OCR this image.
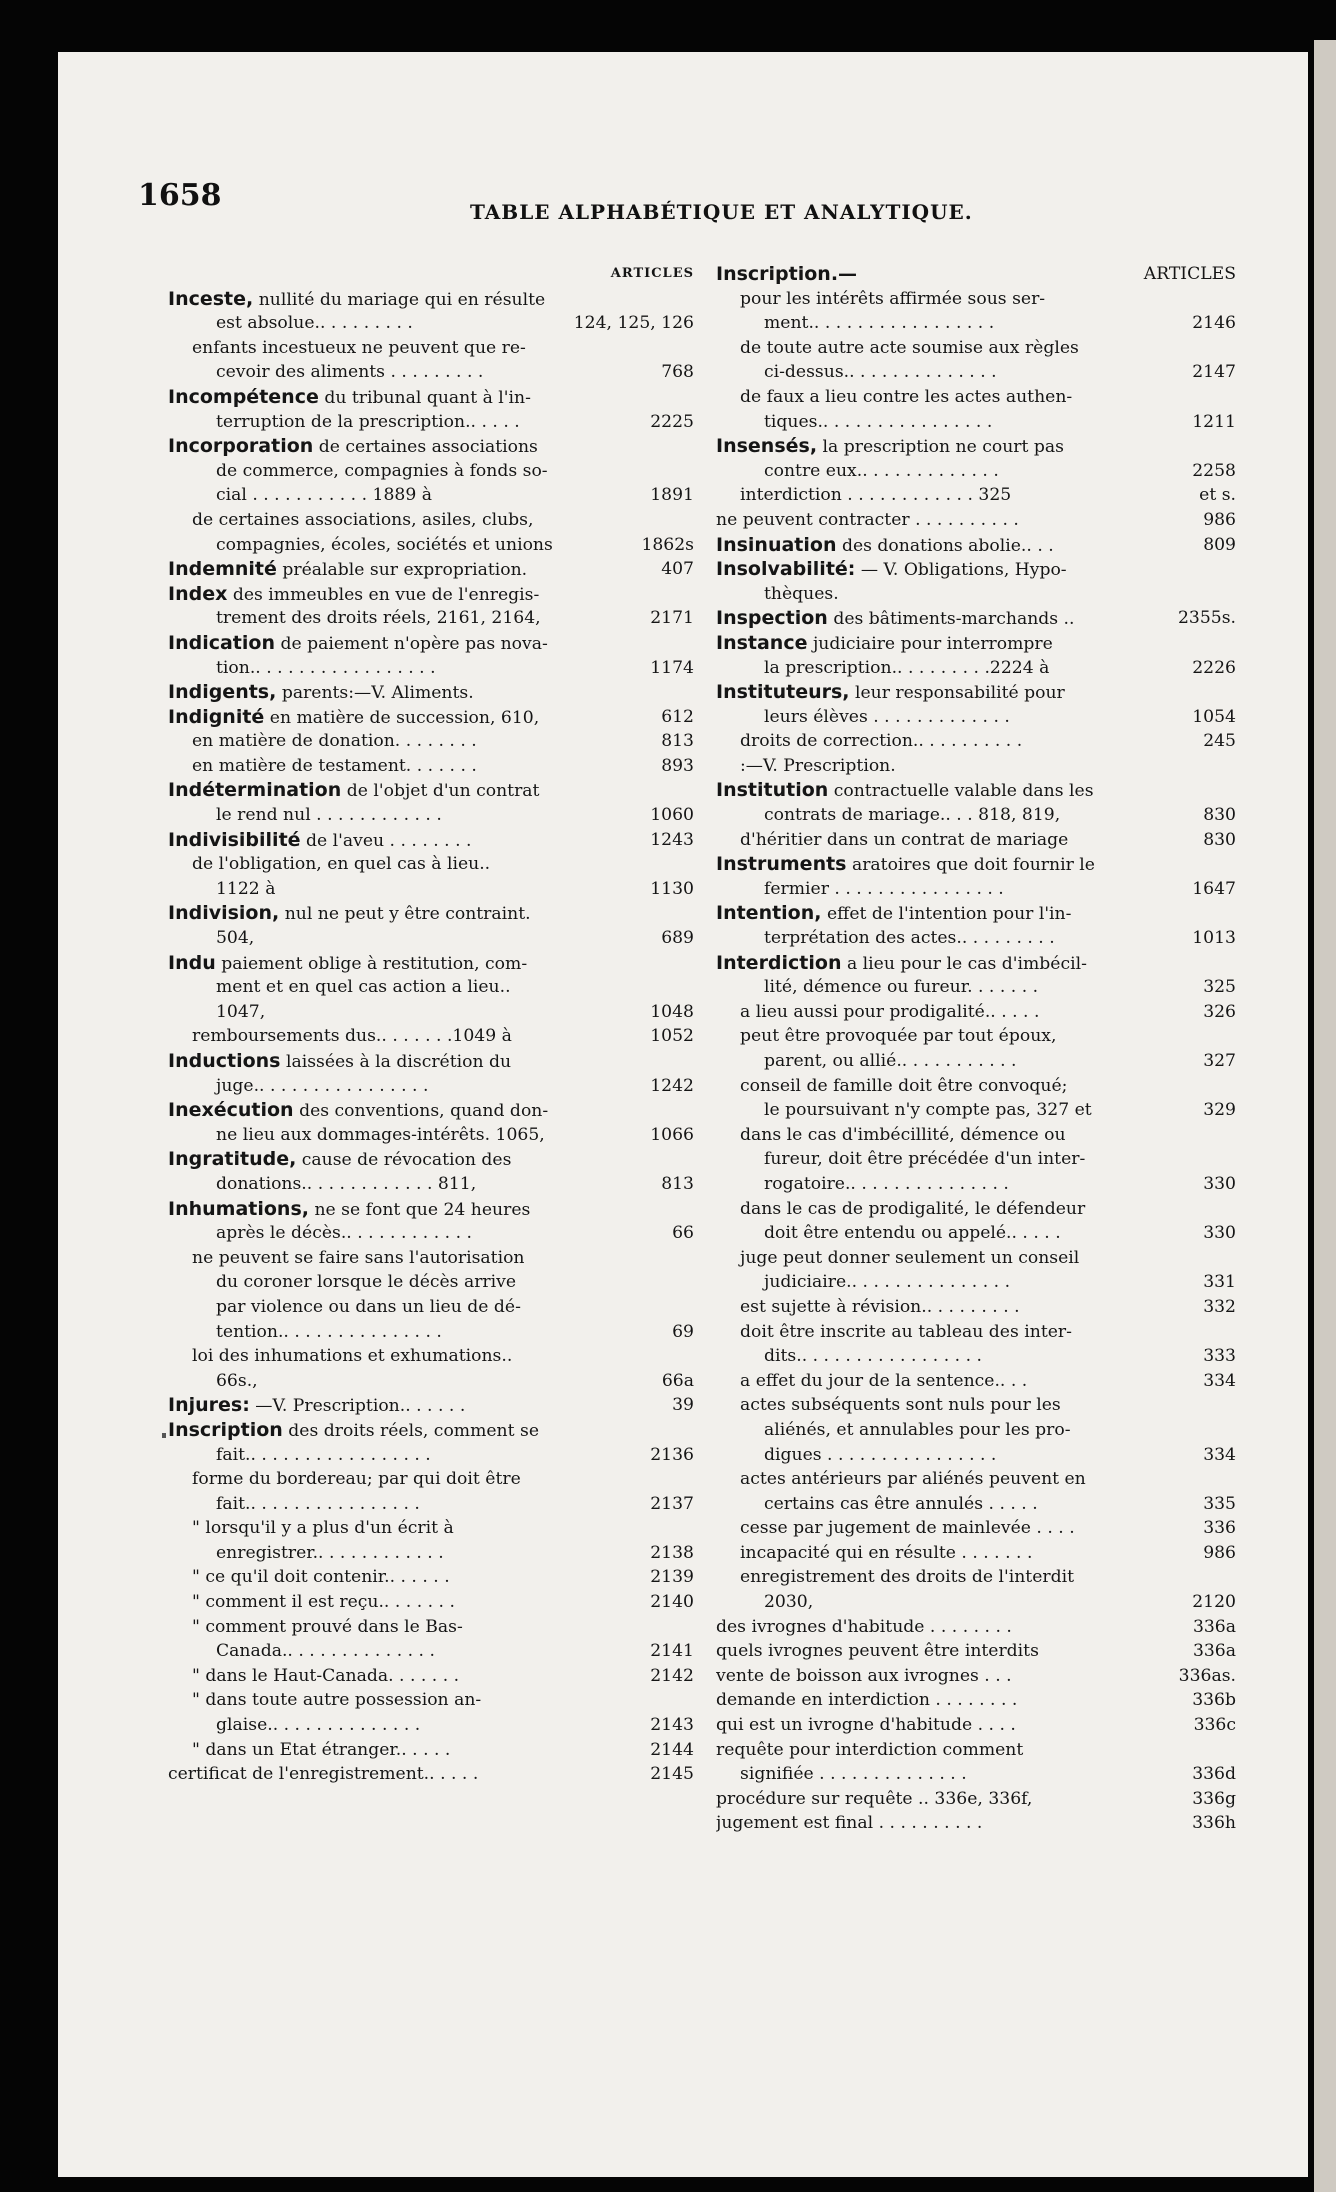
1658	TABLE ALPHABÉTIQUE ET ANALYTIQUE.
ARTICLES
Inceste, nullité du mariage qui en résulte
est absolue.. . . . . . . . .	124, 125, 126
enfants incestueux ne peuvent que re-
cevoir des aliments . . . . . . . . .	768
Incompétence du tribunal quant à l'in-
terruption de la prescription.. . . . .	2225
Incorporation de certaines associations
de commerce, compagnies à fonds so-
cial . . . . . . . . . . . 1889 à	1891
de certaines associations, asiles, clubs,
compagnies, écoles, sociétés et unions	1862s
Indemnité préalable sur expropriation.	407
Index des immeubles en vue de l'enregis-
trement des droits réels, 2161, 2164,	2171
Indication de paiement n'opère pas nova-
tion.. . . . . . . . . . . . . . . . .	1174
Indigents, parents:—V. Aliments.
Indignité en matière de succession, 610,	612
en matière de donation. . . . . . . .	813
en matière de testament. . . . . . .	893
Indétermination de l'objet d'un contrat
le rend nul . . . . . . . . . . . .	1060
Indivisibilité de l'aveu . . . . . . . .	1243
de l'obligation, en quel cas à lieu..
1122 à	1130
Indivision, nul ne peut y être contraint.
504,	689
Indu paiement oblige à restitution, com-
ment et en quel cas action a lieu..
1047,	1048
remboursements dus.. . . . . . .1049 à	1052
Inductions laissées à la discrétion du
juge.. . . . . . . . . . . . . . . .	1242
Inexécution des conventions, quand don-
ne lieu aux dommages-intérêts. 1065,	1066
Ingratitude, cause de révocation des
donations.. . . . . . . . . . . . 811,	813
Inhumations, ne se font que 24 heures
après le décès.. . . . . . . . . . . .	66
ne peuvent se faire sans l'autorisation
du coroner lorsque le décès arrive
par violence ou dans un lieu de dé-
tention.. . . . . . . . . . . . . . .	69
loi des inhumations et exhumations..
66s.,	66a
Injures: —V. Prescription.. . . . . .	39
Inscription des droits réels, comment se
fait.. . . . . . . . . . . . . . . . .	2136
forme du bordereau; par qui doit être
fait.. . . . . . . . . . . . . . . .	2137
" lorsqu'il y a plus d'un écrit à
enregistrer.. . . . . . . . . . . .	2138
" ce qu'il doit contenir.. . . . . .	2139
" comment il est reçu.. . . . . . .	2140
" comment prouvé dans le Bas-
Canada.. . . . . . . . . . . . . .	2141
" dans le Haut-Canada. . . . . . .	2142
" dans toute autre possession an-
glaise.. . . . . . . . . . . . . .	2143
" dans un Etat étranger.. . . . .	2144
certificat de l'enregistrement.. . . . .	2145
Inscription.—	ARTICLES
pour les intérêts affirmée sous ser-
ment.. . . . . . . . . . . . . . . . .	2146
de toute autre acte soumise aux règles
ci-dessus.. . . . . . . . . . . . . .	2147
de faux a lieu contre les actes authen-
tiques.. . . . . . . . . . . . . . . .	1211
Insensés, la prescription ne court pas
contre eux.. . . . . . . . . . . . .	2258
interdiction . . . . . . . . . . . . 325	et s.
ne peuvent contracter . . . . . . . . . .	986
Insinuation des donations abolie.. . .	809
Insolvabilité: — V. Obligations, Hypo-
thèques.
Inspection des bâtiments-marchands ..	2355s.
Instance judiciaire pour interrompre
la prescription.. . . . . . . . .2224 à	2226
Instituteurs, leur responsabilité pour
leurs élèves . . . . . . . . . . . . .	1054
droits de correction.. . . . . . . . . .	245
:—V. Prescription.
Institution contractuelle valable dans les
contrats de mariage.. . . 818, 819,	830
d'héritier dans un contrat de mariage	830
Instruments aratoires que doit fournir le
fermier . . . . . . . . . . . . . . . .	1647
Intention, effet de l'intention pour l'in-
terprétation des actes.. . . . . . . . .	1013
Interdiction a lieu pour le cas d'imbécil-
lité, démence ou fureur. . . . . . .	325
a lieu aussi pour prodigalité.. . . . .	326
peut être provoquée par tout époux,
parent, ou allié.. . . . . . . . . . .	327
conseil de famille doit être convoqué;
le poursuivant n'y compte pas, 327 et	329
dans le cas d'imbécillité, démence ou
fureur, doit être précédée d'un inter-
rogatoire.. . . . . . . . . . . . . . .	330
dans le cas de prodigalité, le défendeur
doit être entendu ou appelé.. . . . .	330
juge peut donner seulement un conseil
judiciaire.. . . . . . . . . . . . . . .	331
est sujette à révision.. . . . . . . . .	332
doit être inscrite au tableau des inter-
dits.. . . . . . . . . . . . . . . . .	333
a effet du jour de la sentence.. . .	334
actes subséquents sont nuls pour les
aliénés, et annulables pour les pro-
digues . . . . . . . . . . . . . . . .	334
actes antérieurs par aliénés peuvent en
certains cas être annulés . . . . .	335
cesse par jugement de mainlevée . . . .	336
incapacité qui en résulte . . . . . . .	986
enregistrement des droits de l'interdit
2030,	2120
des ivrognes d'habitude . . . . . . . .	336a
quels ivrognes peuvent être interdits	336a
vente de boisson aux ivrognes . . .	336as.
demande en interdiction . . . . . . . .	336b
qui est un ivrogne d'habitude . . . .	336c
requête pour interdiction comment
signifiée . . . . . . . . . . . . . .	336d
procédure sur requête .. 336e, 336f,	336g
jugement est final . . . . . . . . . .	336h
